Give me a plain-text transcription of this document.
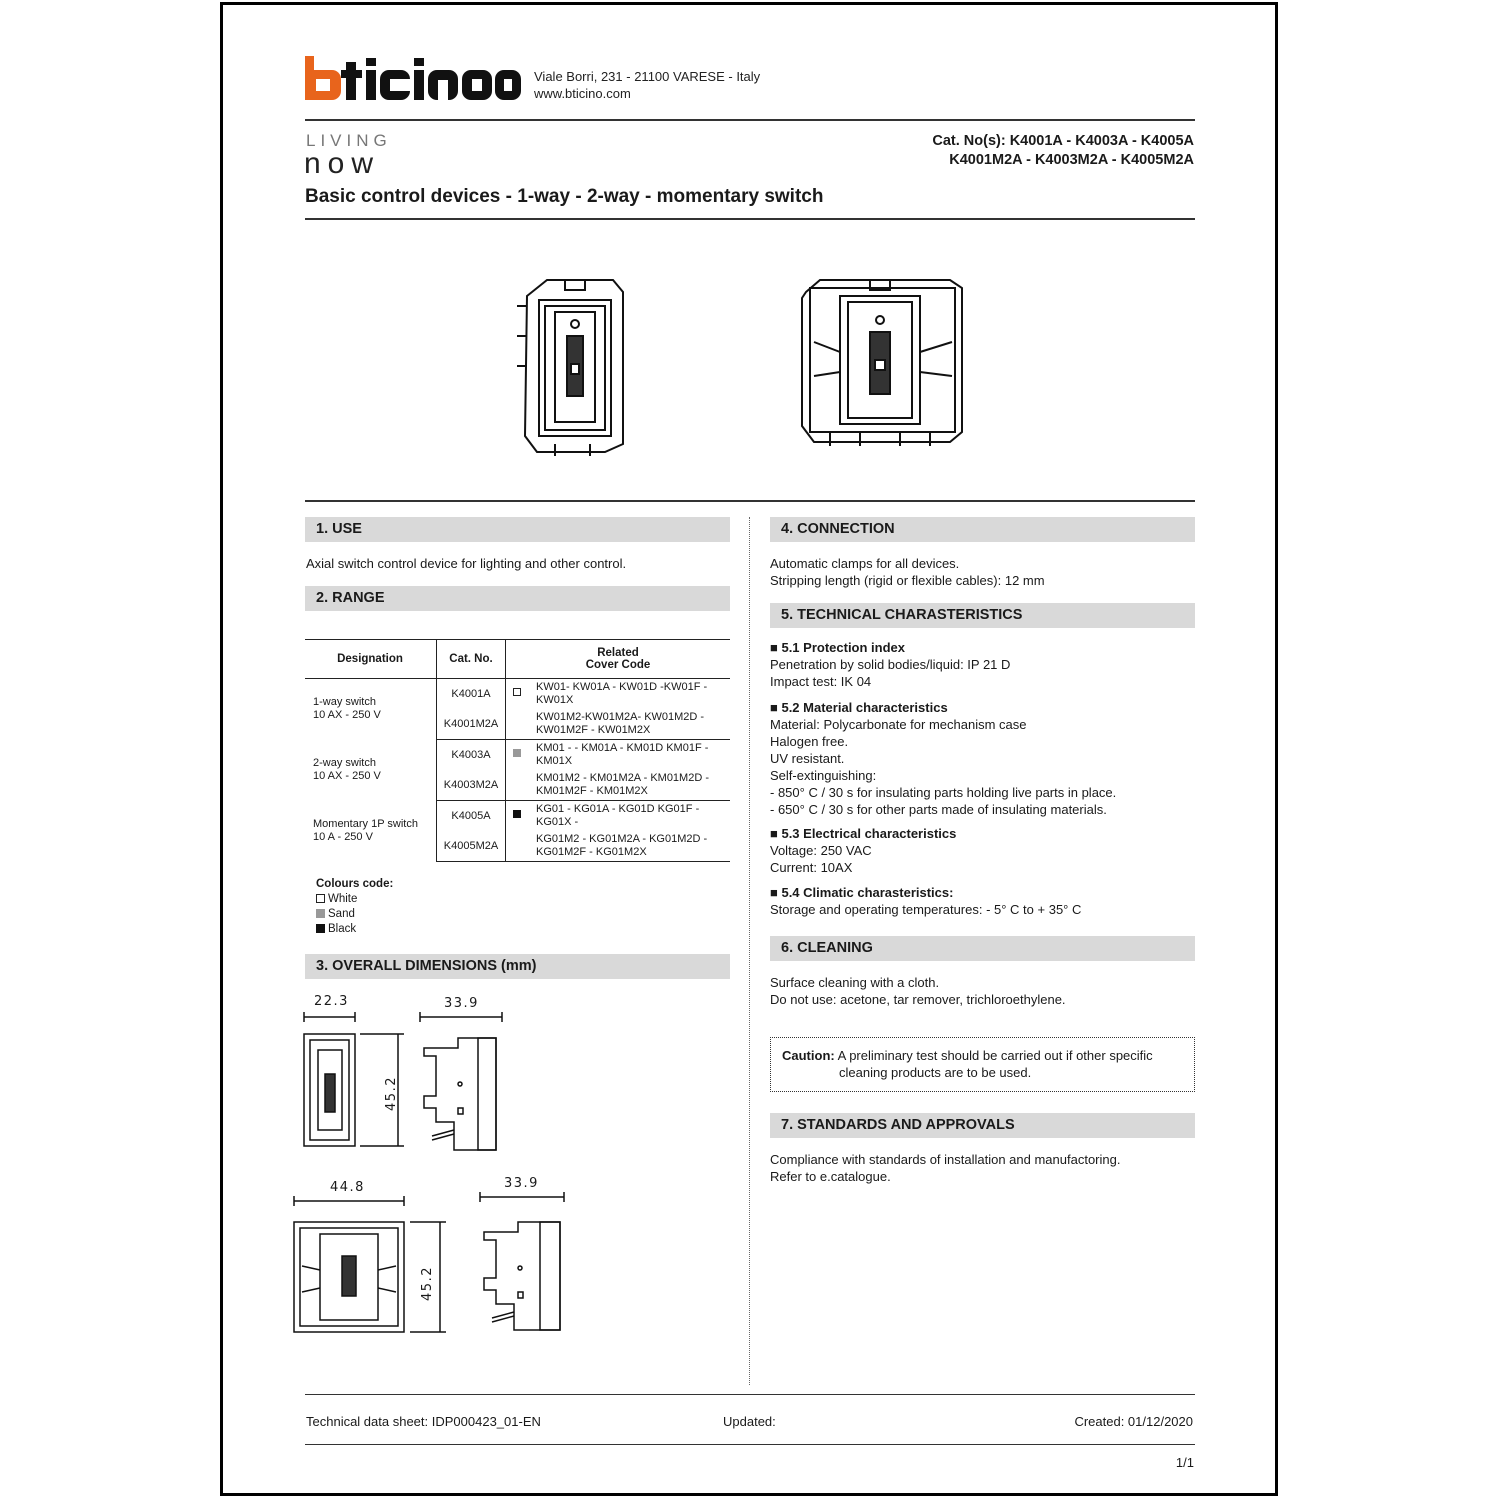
Viale Borri, 231 - 21100 VARESE - Italy
www.bticino.com
LIVING
now
Cat. No(s): K4001A - K4003A - K4005A
K4001M2A - K4003M2A - K4005M2A
Basic control devices - 1-way - 2-way - momentary switch
1. USE
Axial switch control device for lighting and other control.
2. RANGE
Designation	Cat. No.	Related
Cover Code
1-way switch
10 AX - 250 V	K4001A	KW01- KW01A - KW01D -KW01F -
KW01X
	K4001M2A	KW01M2-KW01M2A- KW01M2D -
KW01M2F - KW01M2X
2-way switch
10 AX - 250 V	K4003A	KM01 - - KM01A - KM01D KM01F -
KM01X
	K4003M2A	KM01M2 - KM01M2A - KM01M2D -
KM01M2F - KM01M2X
Momentary 1P switch
10 A - 250 V	K4005A	KG01 - KG01A - KG01D KG01F -
KG01X -
	K4005M2A	KG01M2 - KG01M2A - KG01M2D -
KG01M2F - KG01M2X
Colours code:
White
Sand
Black
3. OVERALL DIMENSIONS (mm)
22.3	33.9
45.2
44.8	33.9
45.2
4. CONNECTION
Automatic clamps for all devices.
Stripping length (rigid or flexible cables): 12 mm
5. TECHNICAL CHARASTERISTICS
■ 5.1 Protection index
Penetration by solid bodies/liquid: IP 21 D
Impact test: IK 04
■ 5.2 Material characteristics
Material: Polycarbonate for mechanism case
Halogen free.
UV resistant.
Self-extinguishing:
- 850° C / 30 s for insulating parts holding live parts in place.
- 650° C / 30 s for other parts made of insulating materials.
■ 5.3 Electrical characteristics
Voltage: 250 VAC
Current: 10AX
■ 5.4 Climatic charasteristics:
Storage and operating temperatures: - 5° C to + 35° C
6. CLEANING
Surface cleaning with a cloth.
Do not use: acetone, tar remover, trichloroethylene.
Caution: A preliminary test should be carried out if other specific
cleaning products are to be used.
7. STANDARDS AND APPROVALS
Compliance with standards of installation and manufactoring.
Refer to e.catalogue.
Technical data sheet: IDP000423_01-EN	Updated:	Created: 01/12/2020
1/1
